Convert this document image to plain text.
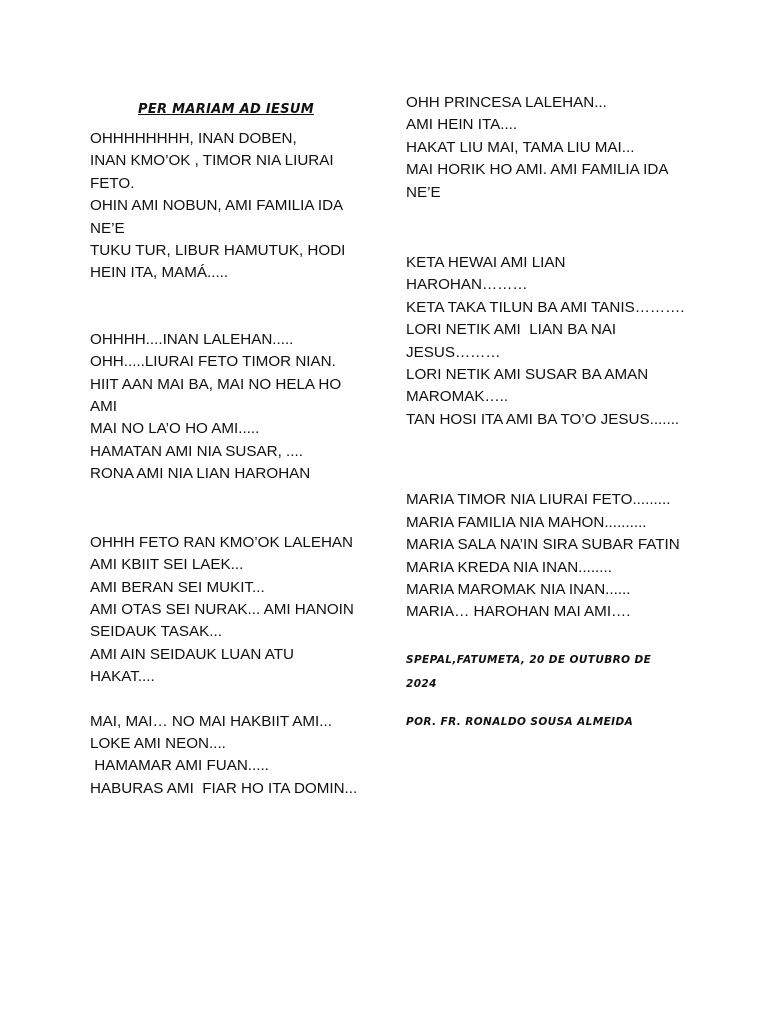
PER MARIAM AD IESUM
OHHHHHHHH, INAN DOBEN,
INAN KMO’OK , TIMOR NIA LIURAI
FETO.
OHIN AMI NOBUN, AMI FAMILIA IDA
NE’E
TUKU TUR, LIBUR HAMUTUK, HODI
HEIN ITA, MAMÁ.....
OHHHH....INAN LALEHAN.....
OHH.....LIURAI FETO TIMOR NIAN.
HIIT AAN MAI BA, MAI NO HELA HO
AMI
MAI NO LA’O HO AMI.....
HAMATAN AMI NIA SUSAR, ....
RONA AMI NIA LIAN HAROHAN
OHHH FETO RAN KMO’OK LALEHAN
AMI KBIIT SEI LAEK...
AMI BERAN SEI MUKIT...
AMI OTAS SEI NURAK... AMI HANOIN
SEIDAUK TASAK...
AMI AIN SEIDAUK LUAN ATU
HAKAT....
MAI, MAI… NO MAI HAKBIIT AMI...
LOKE AMI NEON....
HAMAMAR AMI FUAN.....
HABURAS AMI  FIAR HO ITA DOMIN...
OHH PRINCESA LALEHAN...
AMI HEIN ITA....
HAKAT LIU MAI, TAMA LIU MAI...
MAI HORIK HO AMI. AMI FAMILIA IDA
NE’E
KETA HEWAI AMI LIAN
HAROHAN………
KETA TAKA TILUN BA AMI TANIS……….
LORI NETIK AMI  LIAN BA NAI
JESUS………
LORI NETIK AMI SUSAR BA AMAN
MAROMAK…..
TAN HOSI ITA AMI BA TO’O JESUS.......
MARIA TIMOR NIA LIURAI FETO.........
MARIA FAMILIA NIA MAHON..........
MARIA SALA NA’IN SIRA SUBAR FATIN
MARIA KREDA NIA INAN........
MARIA MAROMAK NIA INAN......
MARIA… HAROHAN MAI AMI….
SPEPAL,FATUMETA, 20 DE OUTUBRO DE
2024
POR. FR. RONALDO SOUSA ALMEIDA
